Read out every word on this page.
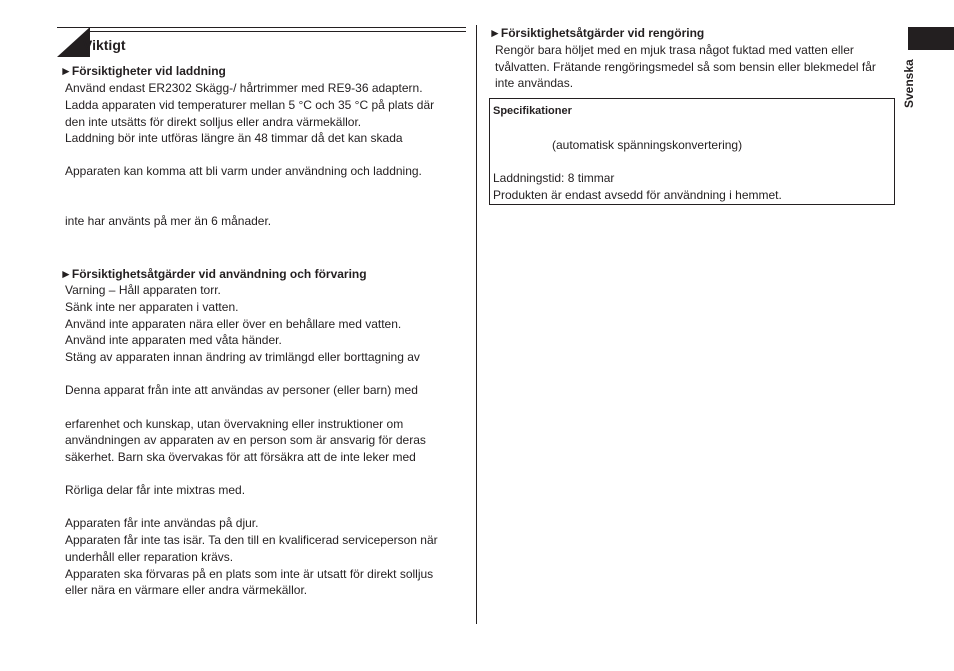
Viktigt
►Försiktigheter vid laddning
Använd endast ER2302 Skägg-/ hårtrimmer med RE9-36 adaptern.
Ladda apparaten vid temperaturer mellan 5 °C och 35 °C på plats där
den inte utsätts för direkt solljus eller andra värmekällor.
Laddning bör inte utföras längre än 48 timmar då det kan skada
Apparaten kan komma att bli varm under användning och laddning.
inte har använts på mer än 6 månader.
►Försiktighetsåtgärder vid användning och förvaring
Varning – Håll apparaten torr.
Sänk inte ner apparaten i vatten.
Använd inte apparaten nära eller över en behållare med vatten.
Använd inte apparaten med våta händer.
Stäng av apparaten innan ändring av trimlängd eller borttagning av
Denna apparat från inte att användas av personer (eller barn) med
erfarenhet och kunskap, utan övervakning eller instruktioner om
användningen av apparaten av en person som är ansvarig för deras
säkerhet. Barn ska övervakas för att försäkra att de inte leker med
Rörliga delar får inte mixtras med.
Apparaten får inte användas på djur.
Apparaten får inte tas isär. Ta den till en kvalificerad serviceperson när
underhåll eller reparation krävs.
Apparaten ska förvaras på en plats som inte är utsatt för direkt solljus
eller nära en värmare eller andra värmekällor.
►Försiktighetsåtgärder vid rengöring
Rengör bara höljet med en mjuk trasa något fuktad med vatten eller
tvålvatten. Frätande rengöringsmedel så som bensin eller blekmedel får
inte användas.
Specifikationer
(automatisk spänningskonvertering)
Laddningstid: 8 timmar
Produkten är endast avsedd för användning i hemmet.
Svenska
